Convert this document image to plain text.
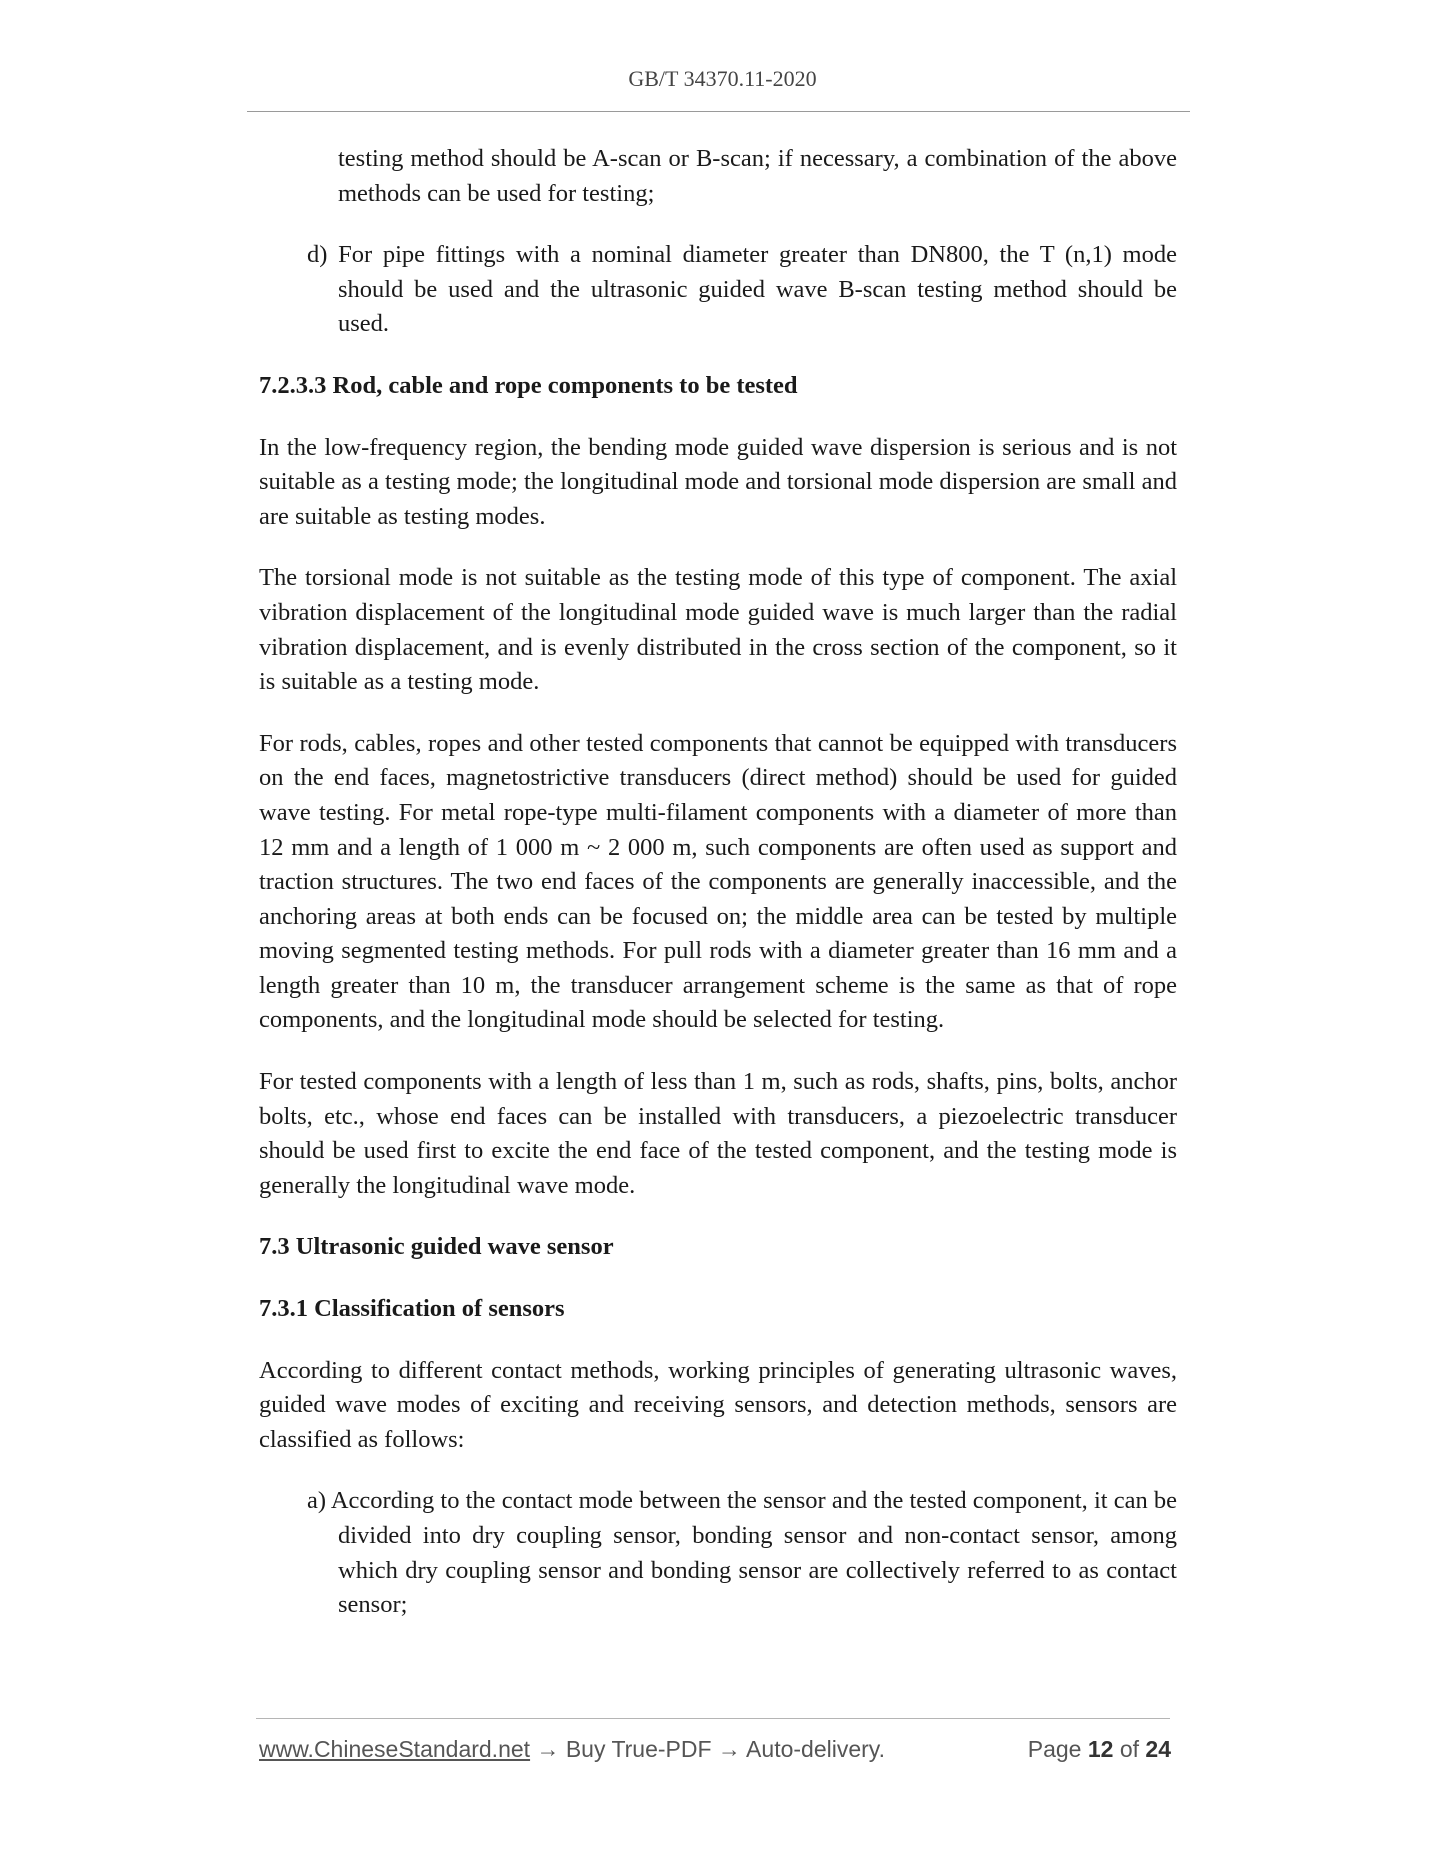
GB/T 34370.11-2020

testing method should be A-scan or B-scan; if necessary, a combination of the above methods can be used for testing;

d) For pipe fittings with a nominal diameter greater than DN800, the T (n,1) mode should be used and the ultrasonic guided wave B-scan testing method should be used.

7.2.3.3 Rod, cable and rope components to be tested

In the low-frequency region, the bending mode guided wave dispersion is serious and is not suitable as a testing mode; the longitudinal mode and torsional mode dispersion are small and are suitable as testing modes.

The torsional mode is not suitable as the testing mode of this type of component. The axial vibration displacement of the longitudinal mode guided wave is much larger than the radial vibration displacement, and is evenly distributed in the cross section of the component, so it is suitable as a testing mode.

For rods, cables, ropes and other tested components that cannot be equipped with transducers on the end faces, magnetostrictive transducers (direct method) should be used for guided wave testing. For metal rope-type multi-filament components with a diameter of more than 12 mm and a length of 1 000 m ~ 2 000 m, such components are often used as support and traction structures. The two end faces of the components are generally inaccessible, and the anchoring areas at both ends can be focused on; the middle area can be tested by multiple moving segmented testing methods. For pull rods with a diameter greater than 16 mm and a length greater than 10 m, the transducer arrangement scheme is the same as that of rope components, and the longitudinal mode should be selected for testing.

For tested components with a length of less than 1 m, such as rods, shafts, pins, bolts, anchor bolts, etc., whose end faces can be installed with transducers, a piezoelectric transducer should be used first to excite the end face of the tested component, and the testing mode is generally the longitudinal wave mode.

7.3 Ultrasonic guided wave sensor

7.3.1 Classification of sensors

According to different contact methods, working principles of generating ultrasonic waves, guided wave modes of exciting and receiving sensors, and detection methods, sensors are classified as follows:

a) According to the contact mode between the sensor and the tested component, it can be divided into dry coupling sensor, bonding sensor and non-contact sensor, among which dry coupling sensor and bonding sensor are collectively referred to as contact sensor;

www.ChineseStandard.net → Buy True-PDF → Auto-delivery.	Page 12 of 24
